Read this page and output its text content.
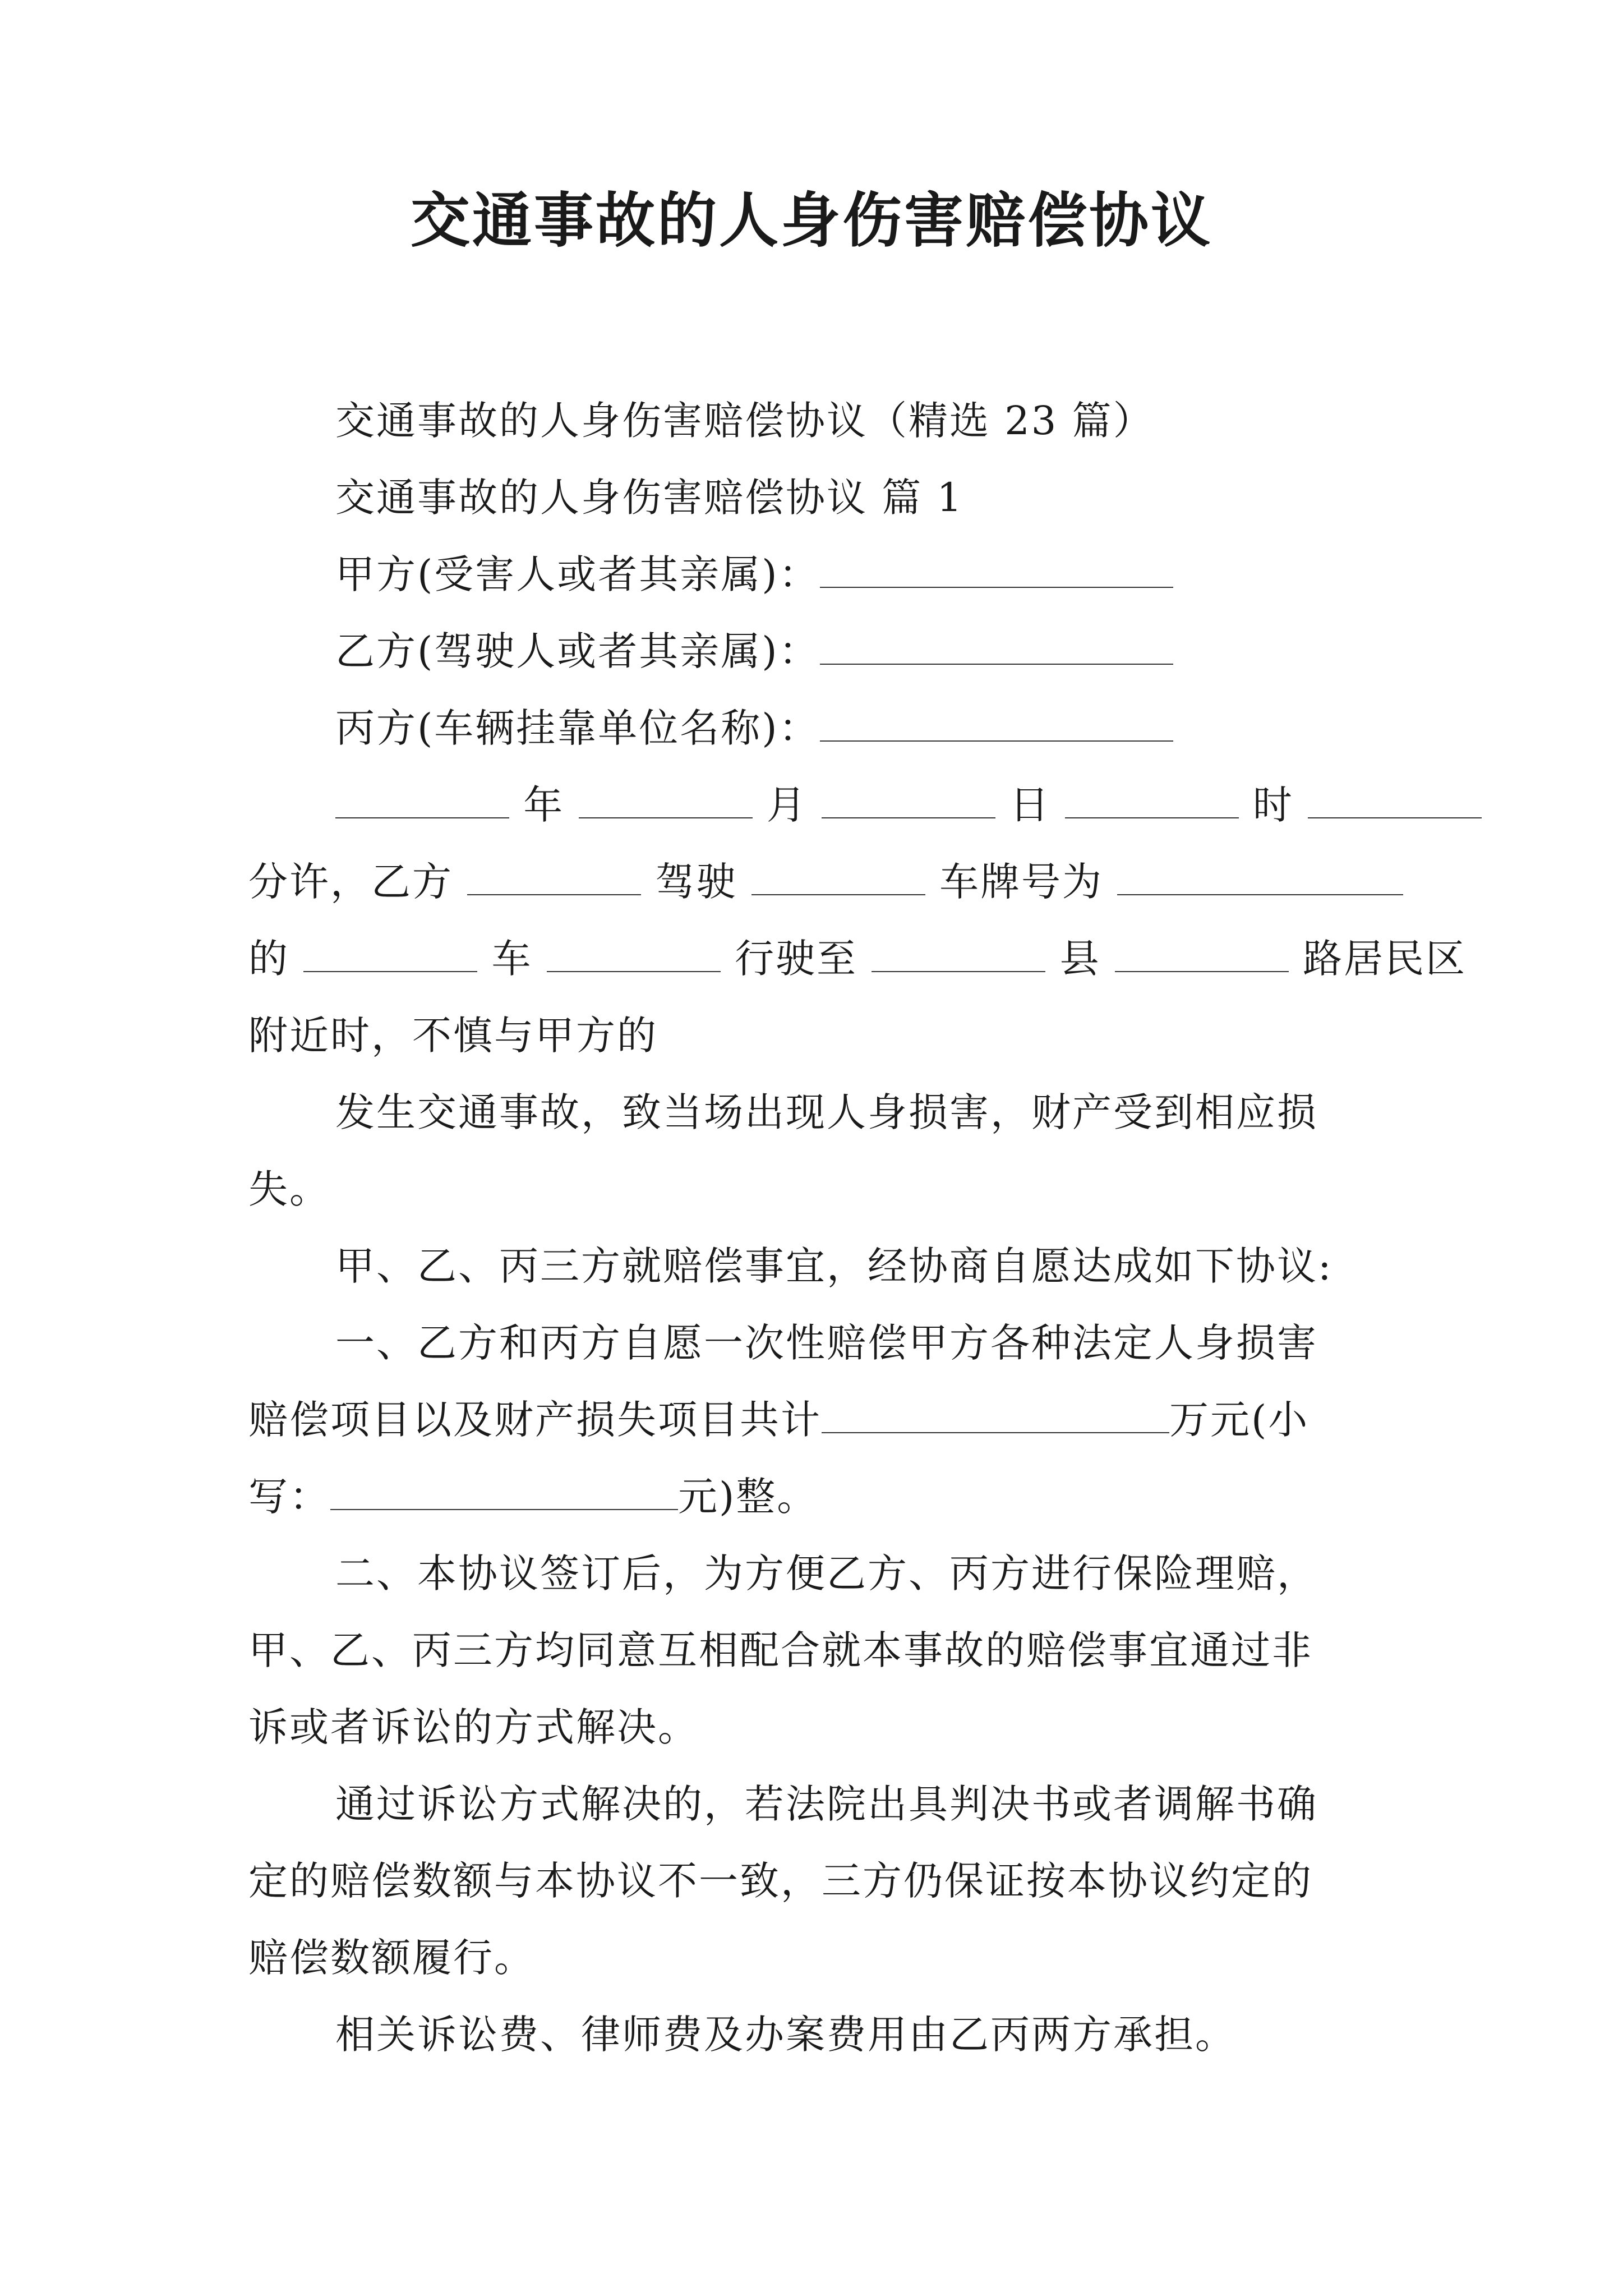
交通事故的人身伤害赔偿协议
交通事故的人身伤害赔偿协议（精选 23 篇）
交通事故的人身伤害赔偿协议 篇 1
甲方(受害人或者其亲属)：
乙方(驾驶人或者其亲属)：
丙方(车辆挂靠单位名称)：
年	月	日	时
分许，乙方	驾驶	车牌号为
的	车	行驶至	县	路居民区
附近时，不慎与甲方的
发生交通事故，致当场出现人身损害，财产受到相应损
失。
甲、乙、丙三方就赔偿事宜，经协商自愿达成如下协议:
一、乙方和丙方自愿一次性赔偿甲方各种法定人身损害
赔偿项目以及财产损失项目共计	万元(小
写：	元)整。
二、本协议签订后，为方便乙方、丙方进行保险理赔，
甲、乙、丙三方均同意互相配合就本事故的赔偿事宜通过非
诉或者诉讼的方式解决。
通过诉讼方式解决的，若法院出具判决书或者调解书确
定的赔偿数额与本协议不一致，三方仍保证按本协议约定的
赔偿数额履行。
相关诉讼费、律师费及办案费用由乙丙两方承担。
